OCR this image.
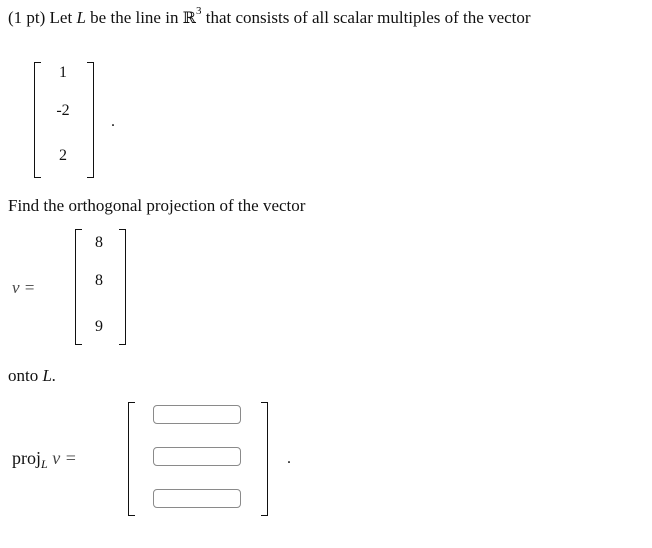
(1 pt) Let L be the line in ℝ$^3$ that consists of all scalar multiples of the vector
1
-2
2
.
Find the orthogonal projection of the vector
v =
8
8
9
onto L.
proj$_L$ v =	.
